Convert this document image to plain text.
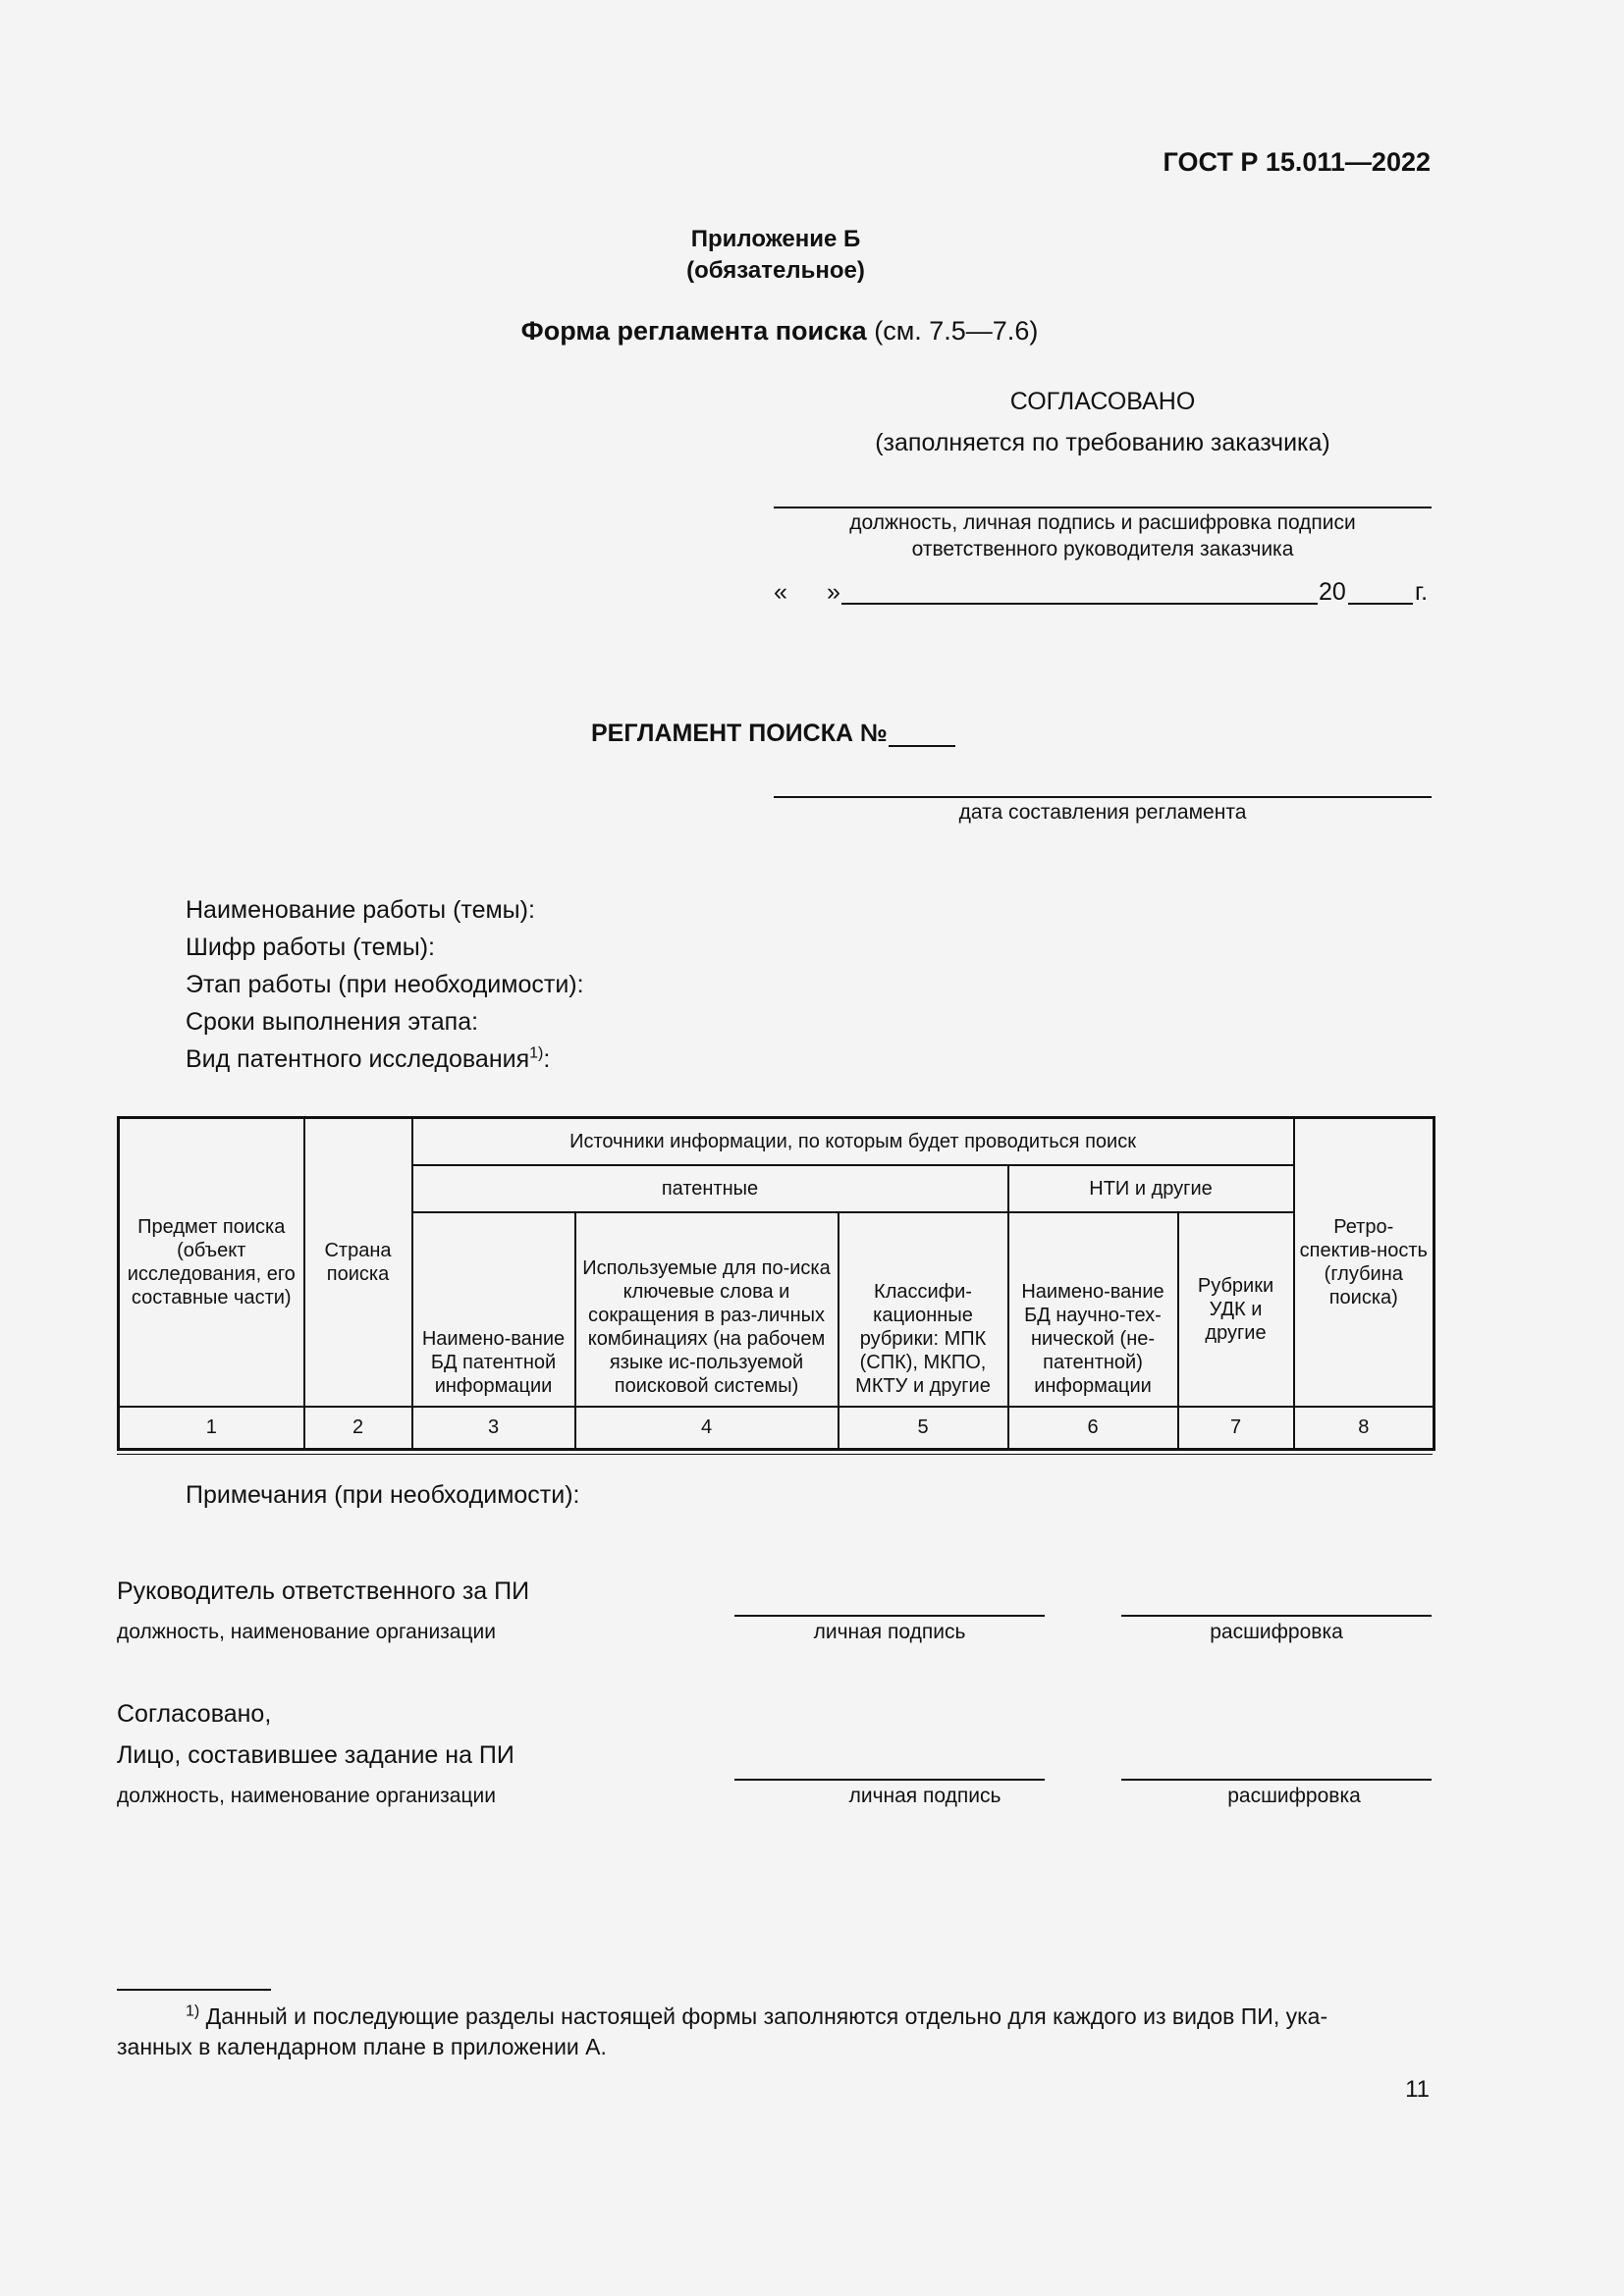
ГОСТ Р 15.011—2022
Приложение Б
(обязательное)
Форма регламента поиска (см. 7.5—7.6)
СОГЛАСОВАНО
(заполняется по требованию заказчика)
должность, личная подпись и расшифровка подписи
ответственного руководителя заказчика
« »	20	г.
РЕГЛАМЕНТ ПОИСКА №
дата составления регламента
Наименование работы (темы):
Шифр работы (темы):
Этап работы (при необходимости):
Сроки выполнения этапа:
Вид патентного исследования$^{1)}$:
Предмет поиска (объект исследования, его составные части)	Страна поиска	Источники информации, по которым будет проводиться поиск					Ретро-спектив-ность (глубина поиска)
		патентные			НТИ и другие		
		Наимено-вание БД патентной информации	Используемые для по-иска ключевые слова и сокращения в раз-личных комбинациях (на рабочем языке ис-пользуемой поисковой системы)	Классифи-кационные рубрики: МПК (СПК), МКПО, МКТУ и другие	Наимено-вание БД научно-тех-нической (не-патентной) информации	Рубрики УДК и другие	
1	2	3	4	5	6	7	8
Примечания (при необходимости):
Руководитель ответственного за ПИ
должность, наименование организации	личная подпись	расшифровка
Согласовано,
Лицо, составившее задание на ПИ
должность, наименование организации	личная подпись	расшифровка
$^{1)}$ Данный и последующие разделы настоящей формы заполняются отдельно для каждого из видов ПИ, ука-
занных в календарном плане в приложении А.
11
